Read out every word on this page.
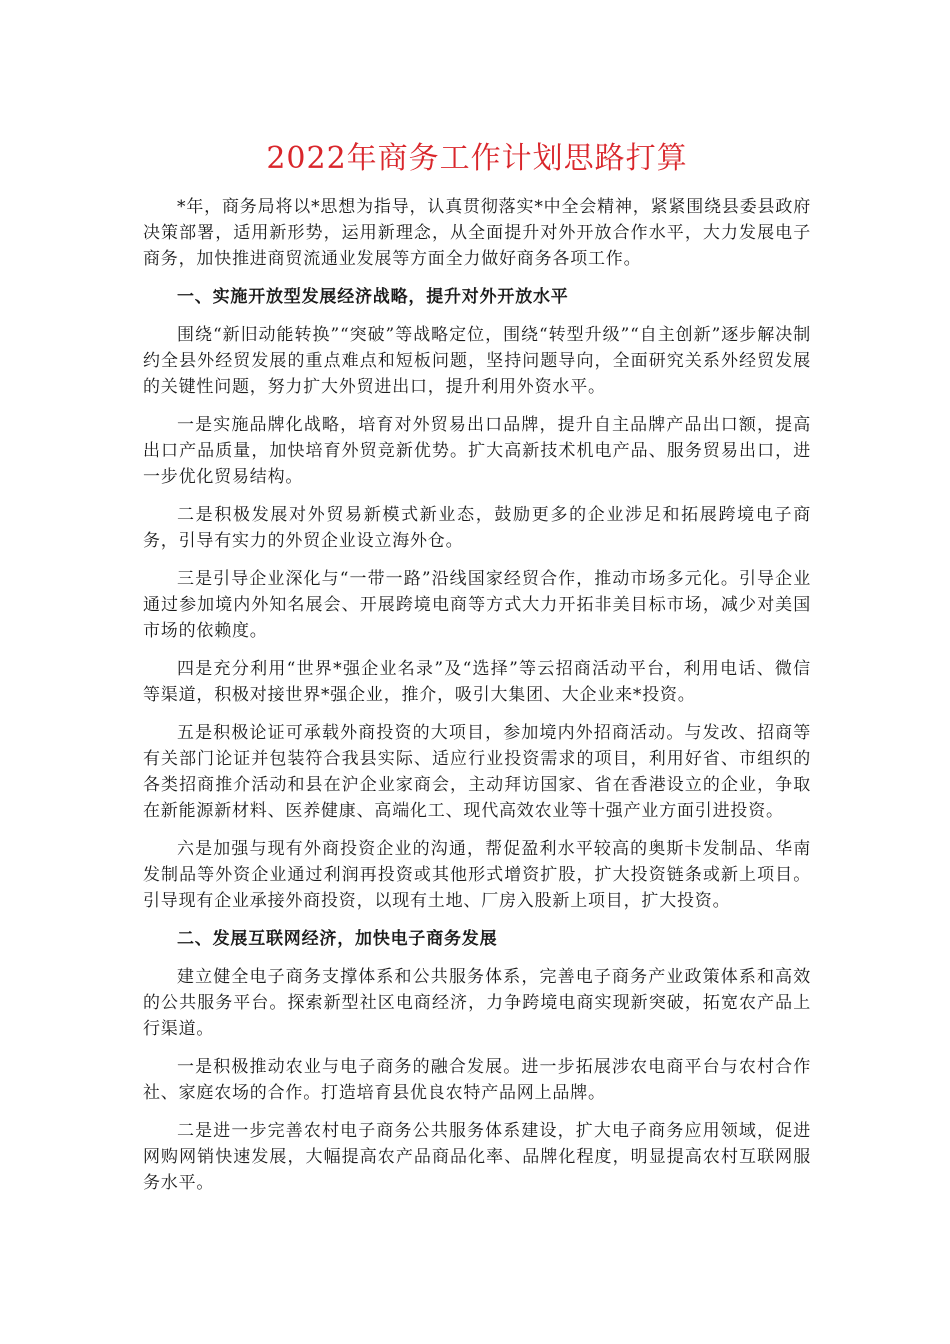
2022年商务工作计划思路打算

*年，商务局将以*思想为指导，认真贯彻落实*中全会精神，紧紧围绕县委县政府决策部署，适用新形势，运用新理念，从全面提升对外开放合作水平，大力发展电子商务，加快推进商贸流通业发展等方面全力做好商务各项工作。

一、实施开放型发展经济战略，提升对外开放水平

围绕“新旧动能转换”“突破”等战略定位，围绕“转型升级”“自主创新”逐步解决制约全县外经贸发展的重点难点和短板问题，坚持问题导向，全面研究关系外经贸发展的关键性问题，努力扩大外贸进出口，提升利用外资水平。

一是实施品牌化战略，培育对外贸易出口品牌，提升自主品牌产品出口额，提高出口产品质量，加快培育外贸竞新优势。扩大高新技术机电产品、服务贸易出口，进一步优化贸易结构。

二是积极发展对外贸易新模式新业态，鼓励更多的企业涉足和拓展跨境电子商务，引导有实力的外贸企业设立海外仓。

三是引导企业深化与“一带一路”沿线国家经贸合作，推动市场多元化。引导企业通过参加境内外知名展会、开展跨境电商等方式大力开拓非美目标市场，减少对美国市场的依赖度。

四是充分利用“世界*强企业名录”及“选择”等云招商活动平台，利用电话、微信等渠道，积极对接世界*强企业，推介，吸引大集团、大企业来*投资。

五是积极论证可承载外商投资的大项目，参加境内外招商活动。与发改、招商等有关部门论证并包装符合我县实际、适应行业投资需求的项目，利用好省、市组织的各类招商推介活动和县在沪企业家商会，主动拜访国家、省在香港设立的企业，争取在新能源新材料、医养健康、高端化工、现代高效农业等十强产业方面引进投资。

六是加强与现有外商投资企业的沟通，帮促盈利水平较高的奥斯卡发制品、华南发制品等外资企业通过利润再投资或其他形式增资扩股，扩大投资链条或新上项目。引导现有企业承接外商投资，以现有土地、厂房入股新上项目，扩大投资。

二、发展互联网经济，加快电子商务发展

建立健全电子商务支撑体系和公共服务体系，完善电子商务产业政策体系和高效的公共服务平台。探索新型社区电商经济，力争跨境电商实现新突破，拓宽农产品上行渠道。

一是积极推动农业与电子商务的融合发展。进一步拓展涉农电商平台与农村合作社、家庭农场的合作。打造培育县优良农特产品网上品牌。

二是进一步完善农村电子商务公共服务体系建设，扩大电子商务应用领域，促进网购网销快速发展，大幅提高农产品商品化率、品牌化程度，明显提高农村互联网服务水平。
